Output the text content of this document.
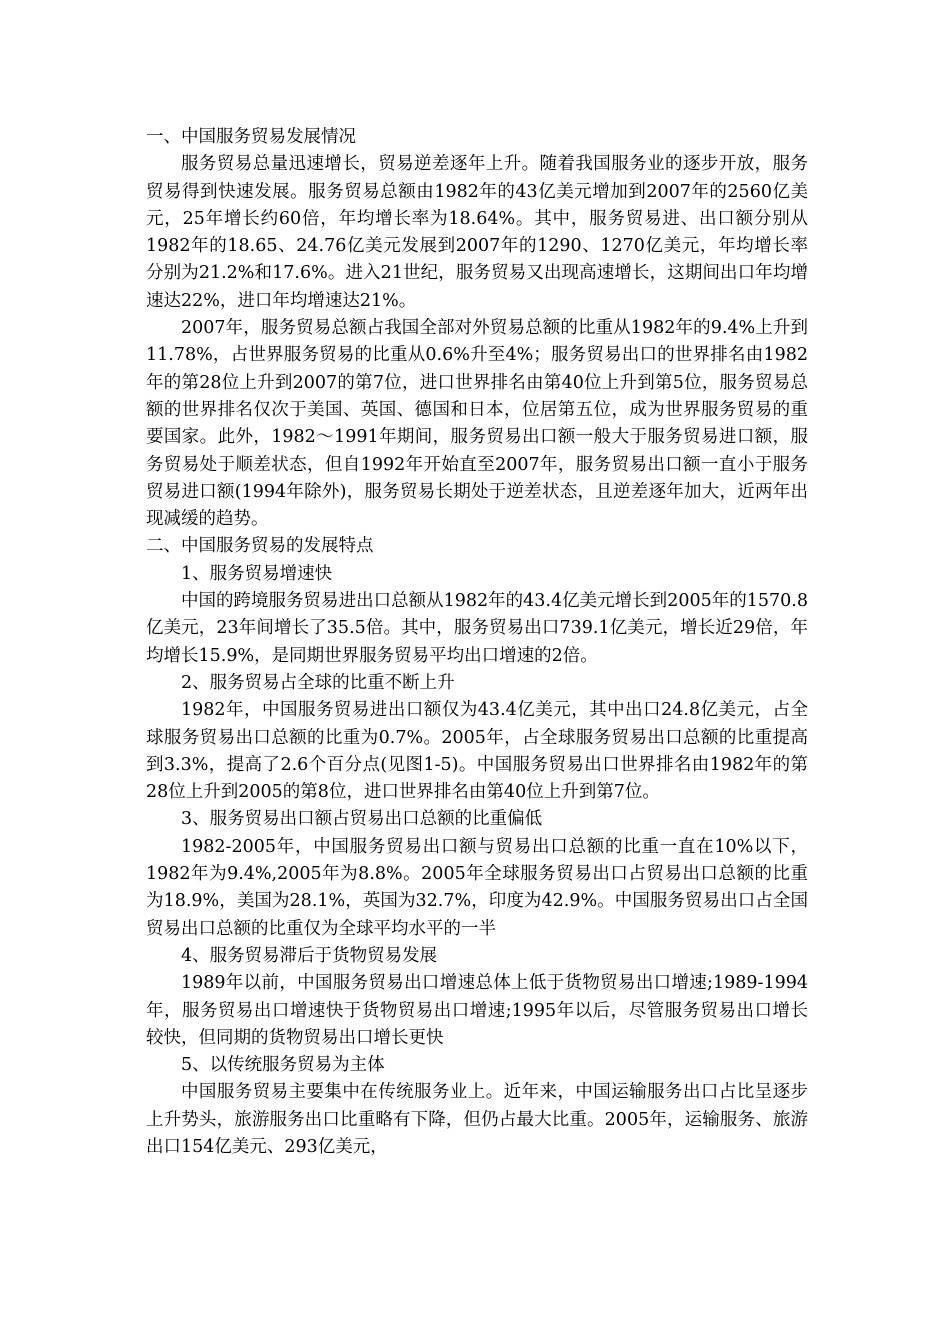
一、中国服务贸易发展情况

服务贸易总量迅速增长，贸易逆差逐年上升。随着我国服务业的逐步开放，服务贸易得到快速发展。服务贸易总额由1982年的43亿美元增加到2007年的2560亿美元，25年增长约60倍，年均增长率为18.64%。其中，服务贸易进、出口额分别从1982年的18.65、24.76亿美元发展到2007年的1290、1270亿美元，年均增长率分别为21.2%和17.6%。进入21世纪，服务贸易又出现高速增长，这期间出口年均增速达22%，进口年均增速达21%。

2007年，服务贸易总额占我国全部对外贸易总额的比重从1982年的9.4%上升到11.78%，占世界服务贸易的比重从0.6%升至4%；服务贸易出口的世界排名由1982年的第28位上升到2007的第7位，进口世界排名由第40位上升到第5位，服务贸易总额的世界排名仅次于美国、英国、德国和日本，位居第五位，成为世界服务贸易的重要国家。此外，1982～1991年期间，服务贸易出口额一般大于服务贸易进口额，服务贸易处于顺差状态，但自1992年开始直至2007年，服务贸易出口额一直小于服务贸易进口额(1994年除外)，服务贸易长期处于逆差状态，且逆差逐年加大，近两年出现减缓的趋势。

二、中国服务贸易的发展特点

1、服务贸易增速快

中国的跨境服务贸易进出口总额从1982年的43.4亿美元增长到2005年的1570.8亿美元，23年间增长了35.5倍。其中，服务贸易出口739.1亿美元，增长近29倍，年均增长15.9%，是同期世界服务贸易平均出口增速的2倍。

2、服务贸易占全球的比重不断上升

1982年，中国服务贸易进出口额仅为43.4亿美元，其中出口24.8亿美元，占全球服务贸易出口总额的比重为0.7%。2005年，占全球服务贸易出口总额的比重提高到3.3%，提高了2.6个百分点(见图1-5)。中国服务贸易出口世界排名由1982年的第28位上升到2005的第8位，进口世界排名由第40位上升到第7位。

3、服务贸易出口额占贸易出口总额的比重偏低

1982-2005年，中国服务贸易出口额与贸易出口总额的比重一直在10%以下，1982年为9.4%,2005年为8.8%。2005年全球服务贸易出口占贸易出口总额的比重为18.9%，美国为28.1%，英国为32.7%，印度为42.9%。中国服务贸易出口占全国贸易出口总额的比重仅为全球平均水平的一半

4、服务贸易滞后于货物贸易发展

1989年以前，中国服务贸易出口增速总体上低于货物贸易出口增速;1989-1994年，服务贸易出口增速快于货物贸易出口增速;1995年以后，尽管服务贸易出口增长较快，但同期的货物贸易出口增长更快

5、以传统服务贸易为主体

中国服务贸易主要集中在传统服务业上。近年来，中国运输服务出口占比呈逐步上升势头，旅游服务出口比重略有下降，但仍占最大比重。2005年，运输服务、旅游出口154亿美元、293亿美元，
